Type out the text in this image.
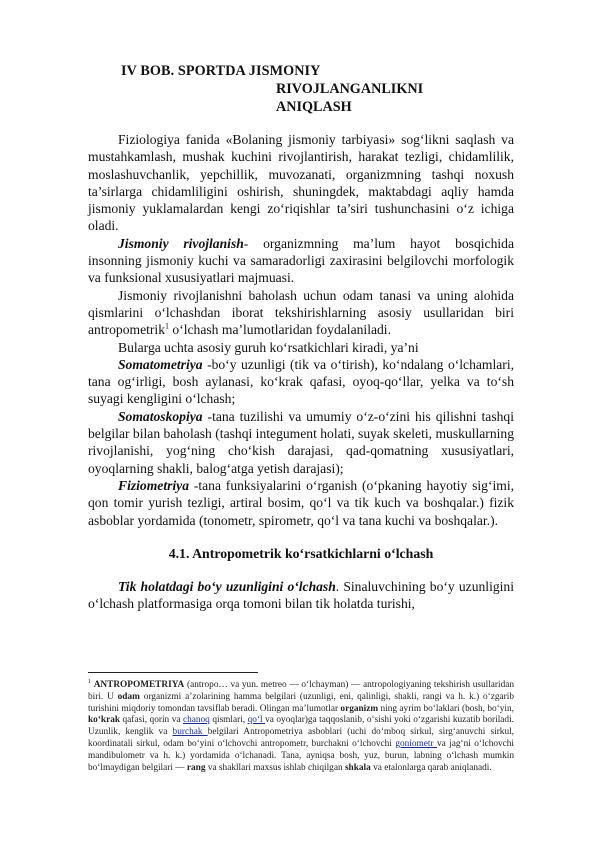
IV BOB. SPORTDA JISMONIY
RIVOJLANGANLIKNI
ANIQLASH

Fiziologiya fanida «Bolaning jismoniy tarbiyasi» sog‘likni saqlash va mustahkamlash, mushak kuchini rivojlantirish, harakat tezligi, chidamlilik, moslashuvchanlik, yepchillik, muvozanati, organizmning tashqi noxush ta’sirlarga chidamliligini oshirish, shuningdek, maktabdagi aqliy hamda jismoniy yuklamalardan kengi zo‘riqishlar ta’siri tushunchasini o‘z ichiga oladi.

Jismoniy rivojlanish- organizmning ma’lum hayot bosqichida insonning jismoniy kuchi va samaradorligi zaxirasini belgilovchi morfologik va funksional xususiyatlari majmuasi.

Jismoniy rivojlanishni baholash uchun odam tanasi va uning alohida qismlarini o‘lchashdan iborat tekshirishlarning asosiy usullaridan biri antropometrik$^1$ o‘lchash ma’lumotlaridan foydalaniladi.

Bularga uchta asosiy guruh ko‘rsatkichlari kiradi, ya’ni

Somatometriya -bo‘y uzunligi (tik va o‘tirish), ko‘ndalang o‘lchamlari, tana og‘irligi, bosh aylanasi, ko‘krak qafasi, oyoq-qo‘llar, yelka va to‘sh suyagi kengligini o‘lchash;

Somatoskopiya -tana tuzilishi va umumiy o‘z-o‘zini his qilishni tashqi belgilar bilan baholash (tashqi integument holati, suyak skeleti, muskullarning rivojlanishi, yog‘ning cho‘kish darajasi, qad-qomatning xususiyatlari, oyoqlarning shakli, balog‘atga yetish darajasi);

Fiziometriya -tana funksiyalarini o‘rganish (o‘pkaning hayotiy sig‘imi, qon tomir yurish tezligi, artiral bosim, qo‘l va tik kuch va boshqalar.) fizik asboblar yordamida (tonometr, spirometr, qo‘l va tana kuchi va boshqalar.).

4.1. Antropometrik ko‘rsatkichlarni o‘lchash

Tik holatdagi bo‘y uzunligini o‘lchash. Sinaluvchining bo‘y uzunligini o‘lchash platformasiga orqa tomoni bilan tik holatda turishi,

$^1$ ANTROPOMETRIYA (antropo… va yun. metreo — o‘lchayman) — antropologiyaning tekshirish usullaridan biri. U odam organizmi a’zolarining hamma belgilari (uzunligi, eni, qalinligi, shakli, rangi va h. k.) o‘zgarib turishini miqdoriy tomondan tavsiflab beradi. Olingan ma’lumotlar organizm ning ayrim bo‘laklari (bosh, bo‘yin, ko‘krak qafasi, qorin va chanoq qismlari, qo‘l va oyoqlar)ga taqqoslanib, o‘sishi yoki o‘zgarishi kuzatib boriladi. Uzunlik, kenglik va burchak belgilari Antropometriya asboblari (uchi do‘mboq sirkul, sirg‘anuvchi sirkul, koordinatali sirkul, odam bo‘yini o‘lchovchi antropometr, burchakni o‘lchovchi goniometr va jag‘ni o‘lchovchi mandibulometr va h. k.) yordamida o‘lchanadi. Tana, ayniqsa bosh, yuz, burun, labning o‘lchash mumkin bo‘lmaydigan belgilari — rang va shakllari maxsus ishlab chiqilgan shkala va etalonlarga qarab aniqlanadi.
